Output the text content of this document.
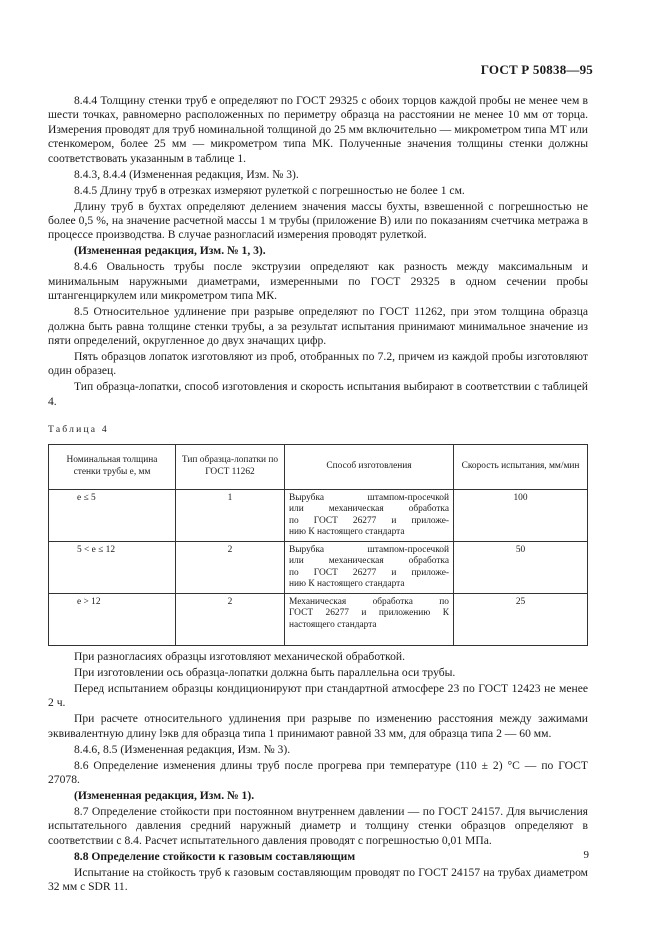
ГОСТ Р 50838—95

8.4.4 Толщину стенки труб e определяют по ГОСТ 29325 с обоих торцов каждой пробы не менее чем в шести точках, равномерно расположенных по периметру образца на расстоянии не менее 10 мм от торца. Измерения проводят для труб номинальной толщиной до 25 мм включительно — микрометром типа МТ или стенкомером, более 25 мм — микрометром типа МК. Полученные значения толщины стенки должны соответствовать указанным в таблице 1.

8.4.3, 8.4.4 (Измененная редакция, Изм. № 3).

8.4.5 Длину труб в отрезках измеряют рулеткой с погрешностью не более 1 см.

Длину труб в бухтах определяют делением значения массы бухты, взвешенной с погрешностью не более 0,5 %, на значение расчетной массы 1 м трубы (приложение В) или по показаниям счетчика метража в процессе производства. В случае разногласий измерения проводят рулеткой.

(Измененная редакция, Изм. № 1, 3).

8.4.6 Овальность трубы после экструзии определяют как разность между максимальным и минимальным наружными диаметрами, измеренными по ГОСТ 29325 в одном сечении пробы штангенциркулем или микрометром типа МК.

8.5 Относительное удлинение при разрыве определяют по ГОСТ 11262, при этом толщина образца должна быть равна толщине стенки трубы, а за результат испытания принимают минимальное значение из пяти определений, округленное до двух значащих цифр.

Пять образцов лопаток изготовляют из проб, отобранных по 7.2, причем из каждой пробы изготовляют один образец.

Тип образца-лопатки, способ изготовления и скорость испытания выбирают в соответствии с таблицей 4.

Таблица 4

Номинальная толщина стенки трубы e, мм	Тип образца-лопатки по ГОСТ 11262	Способ изготовления	Скорость испытания, мм/мин
e ≤ 5	1	Вырубка штампом-просечкой
или механическая обработка
по ГОСТ 26277 и приложе-
нию К настоящего стандарта	100
5 < e ≤ 12	2	Вырубка штампом-просечкой
или механическая обработка
по ГОСТ 26277 и приложе-
нию К настоящего стандарта	50
e > 12	2	Механическая обработка по
ГОСТ 26277 и приложению К
настоящего стандарта	25

При разногласиях образцы изготовляют механической обработкой.

При изготовлении ось образца-лопатки должна быть параллельна оси трубы.

Перед испытанием образцы кондиционируют при стандартной атмосфере 23 по ГОСТ 12423 не менее 2 ч.

При расчете относительного удлинения при разрыве по изменению расстояния между зажимами эквивалентную длину lэкв для образца типа 1 принимают равной 33 мм, для образца типа 2 — 60 мм.

8.4.6, 8.5 (Измененная редакция, Изм. № 3).

8.6 Определение изменения длины труб после прогрева при температуре (110 ± 2) °С — по ГОСТ 27078.

(Измененная редакция, Изм. № 1).

8.7 Определение стойкости при постоянном внутреннем давлении — по ГОСТ 24157. Для вычисления испытательного давления средний наружный диаметр и толщину стенки образцов определяют в соответствии с 8.4. Расчет испытательного давления проводят с погрешностью 0,01 МПа.

8.8 Определение стойкости к газовым составляющим

Испытание на стойкость труб к газовым составляющим проводят по ГОСТ 24157 на трубах диаметром 32 мм с SDR 11.

9
